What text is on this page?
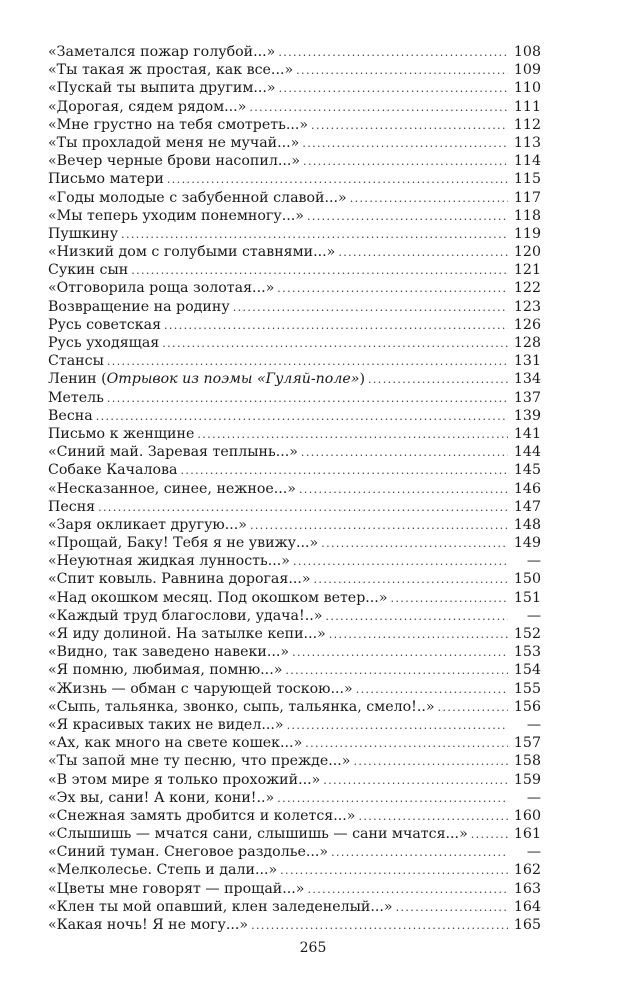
«Заметался пожар голубой...» .....	108
«Ты такая ж простая, как все...» .....	109
«Пускай ты выпита другим...» .....	110
«Дорогая, сядем рядом...» .....	111
«Мне грустно на тебя смотреть...» .....	112
«Ты прохладой меня не мучай...» .....	113
«Вечер черные брови насопил...» .....	114
Письмо матери .....	115
«Годы молодые с забубенной славой...» .....	117
«Мы теперь уходим понемногу...» .....	118
Пушкину .....	119
«Низкий дом с голубыми ставнями...» .....	120
Сукин сын .....	121
«Отговорила роща золотая...» .....	122
Возвращение на родину .....	123
Русь советская .....	126
Русь уходящая .....	128
Стансы .....	131
Ленин (Отрывок из поэмы «Гуляй-поле») .....	134
Метель .....	137
Весна .....	139
Письмо к женщине .....	141
«Синий май. Заревая теплынь...» .....	144
Собаке Качалова .....	145
«Несказанное, синее, нежное...» .....	146
Песня .....	147
«Заря окликает другую...» .....	148
«Прощай, Баку! Тебя я не увижу...» .....	149
«Неуютная жидкая лунность...» .....	—
«Спит ковыль. Равнина дорогая...» .....	150
«Над окошком месяц. Под окошком ветер...» .....	151
«Каждый труд благослови, удача!..» .....	—
«Я иду долиной. На затылке кепи...» .....	152
«Видно, так заведено навеки...» .....	153
«Я помню, любимая, помню...» .....	154
«Жизнь — обман с чарующей тоскою...» .....	155
«Сыпь, тальянка, звонко, сыпь, тальянка, смело!..» .....	156
«Я красивых таких не видел...» .....	—
«Ах, как много на свете кошек...» .....	157
«Ты запой мне ту песню, что прежде...» .....	158
«В этом мире я только прохожий...» .....	159
«Эх вы, сани! А кони, кони!..» .....	—
«Снежная замять дробится и колется...» .....	160
«Слышишь — мчатся сани, слышишь — сани мчатся...» .....	161
«Синий туман. Снеговое раздолье...» .....	—
«Мелколесье. Степь и дали...» .....	162
«Цветы мне говорят — прощай...» .....	163
«Клен ты мой опавший, клен заледенелый...» .....	164
«Какая ночь! Я не могу...» .....	165
265
